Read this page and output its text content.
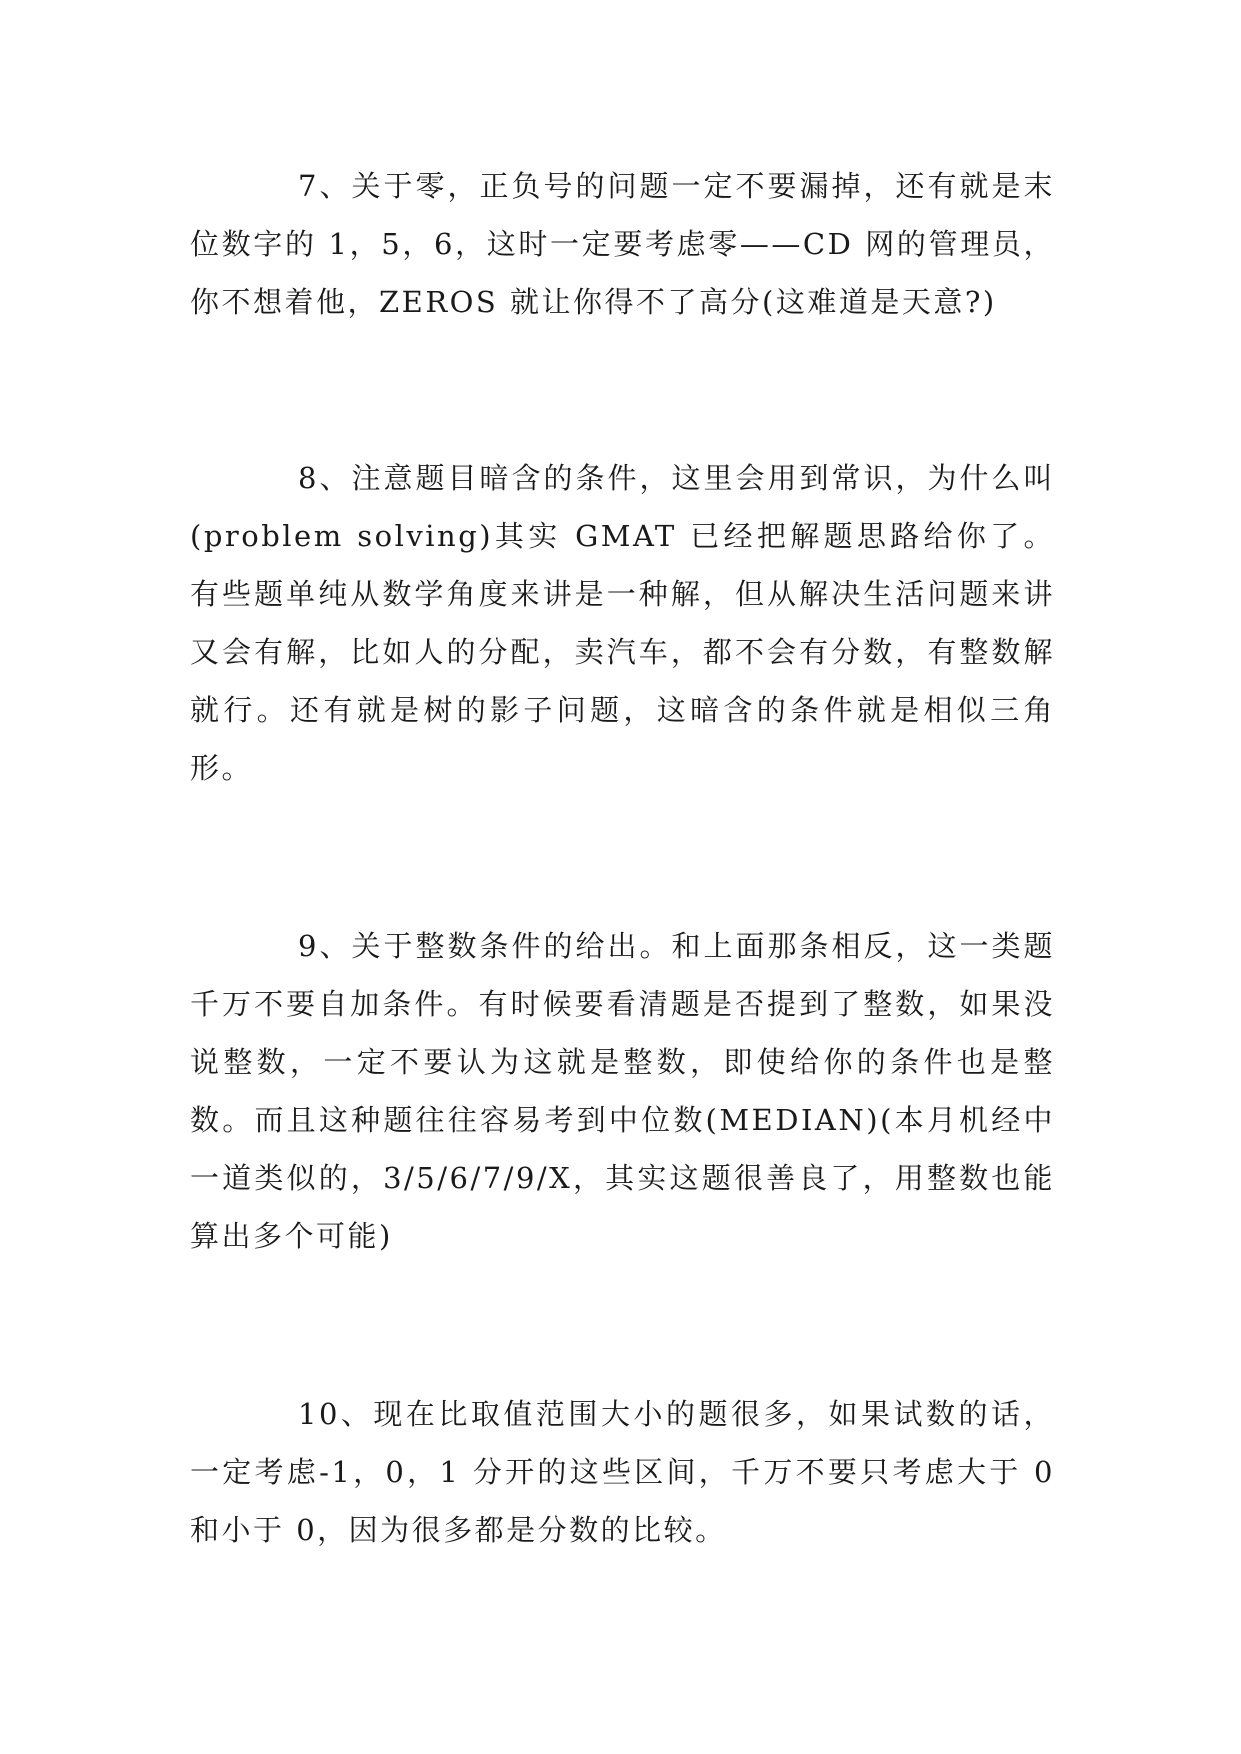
7、关于零，正负号的问题一定不要漏掉，还有就是末位数字的 1，5，6，这时一定要考虑零——CD 网的管理员，你不想着他，ZEROS 就让你得不了高分(这难道是天意?)

8、注意题目暗含的条件，这里会用到常识，为什么叫(problem solving)其实 GMAT 已经把解题思路给你了。有些题单纯从数学角度来讲是一种解，但从解决生活问题来讲又会有解，比如人的分配，卖汽车，都不会有分数，有整数解就行。还有就是树的影子问题，这暗含的条件就是相似三角形。

9、关于整数条件的给出。和上面那条相反，这一类题千万不要自加条件。有时候要看清题是否提到了整数，如果没说整数，一定不要认为这就是整数，即使给你的条件也是整数。而且这种题往往容易考到中位数(MEDIAN)(本月机经中一道类似的，3/5/6/7/9/X，其实这题很善良了，用整数也能算出多个可能)

10、现在比取值范围大小的题很多，如果试数的话，一定考虑-1，0，1 分开的这些区间，千万不要只考虑大于 0 和小于 0，因为很多都是分数的比较。
